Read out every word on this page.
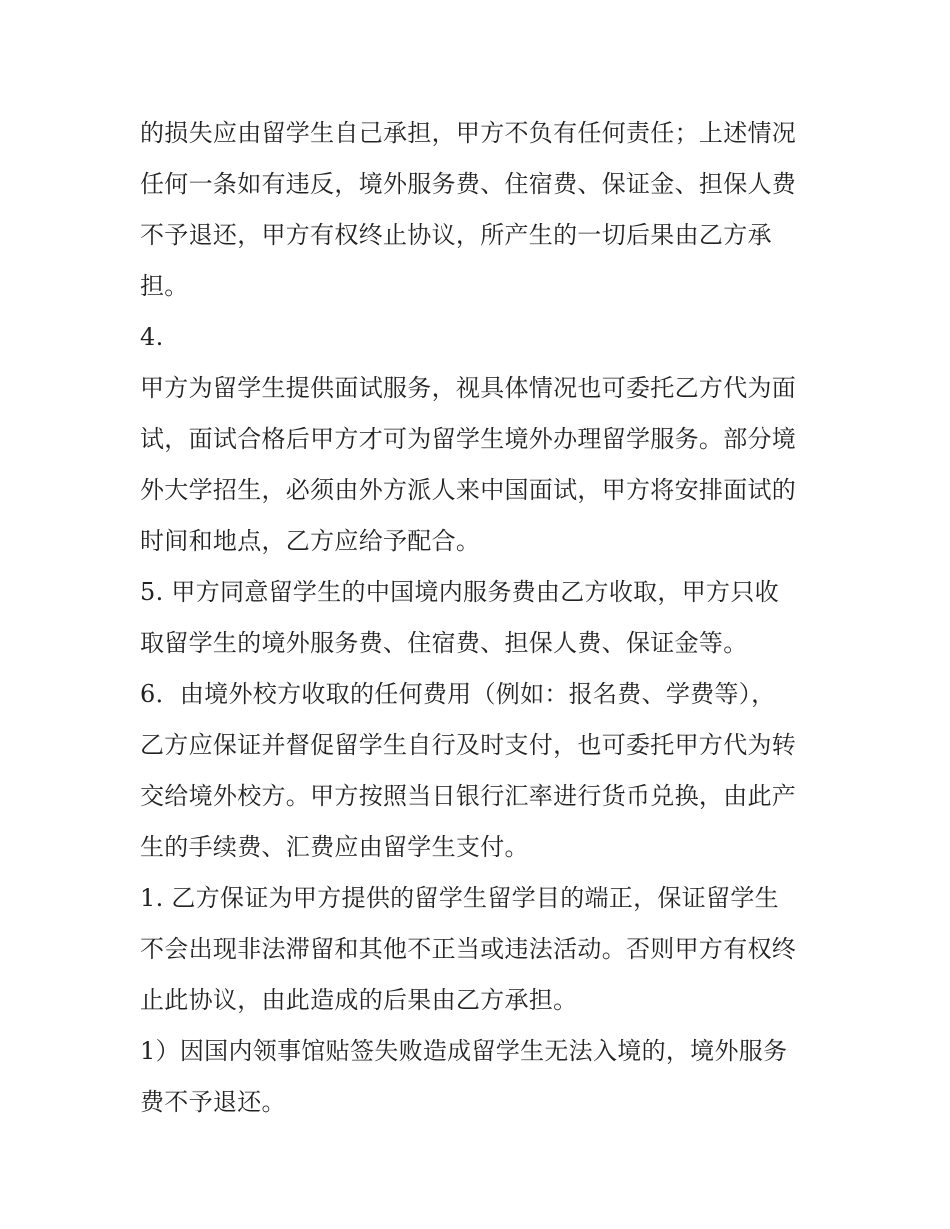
的损失应由留学生自己承担，甲方不负有任何责任；上述情况
任何一条如有违反，境外服务费、住宿费、保证金、担保人费
不予退还，甲方有权终止协议，所产生的一切后果由乙方承
担。
4.
甲方为留学生提供面试服务，视具体情况也可委托乙方代为面
试，面试合格后甲方才可为留学生境外办理留学服务。部分境
外大学招生，必须由外方派人来中国面试，甲方将安排面试的
时间和地点，乙方应给予配合。
5. 甲方同意留学生的中国境内服务费由乙方收取，甲方只收
取留学生的境外服务费、住宿费、担保人费、保证金等。
6．由境外校方收取的任何费用（例如：报名费、学费等），
乙方应保证并督促留学生自行及时支付，也可委托甲方代为转
交给境外校方。甲方按照当日银行汇率进行货币兑换，由此产
生的手续费、汇费应由留学生支付。
1. 乙方保证为甲方提供的留学生留学目的端正，保证留学生
不会出现非法滞留和其他不正当或违法活动。否则甲方有权终
止此协议，由此造成的后果由乙方承担。
1）因国内领事馆贴签失败造成留学生无法入境的，境外服务
费不予退还。
